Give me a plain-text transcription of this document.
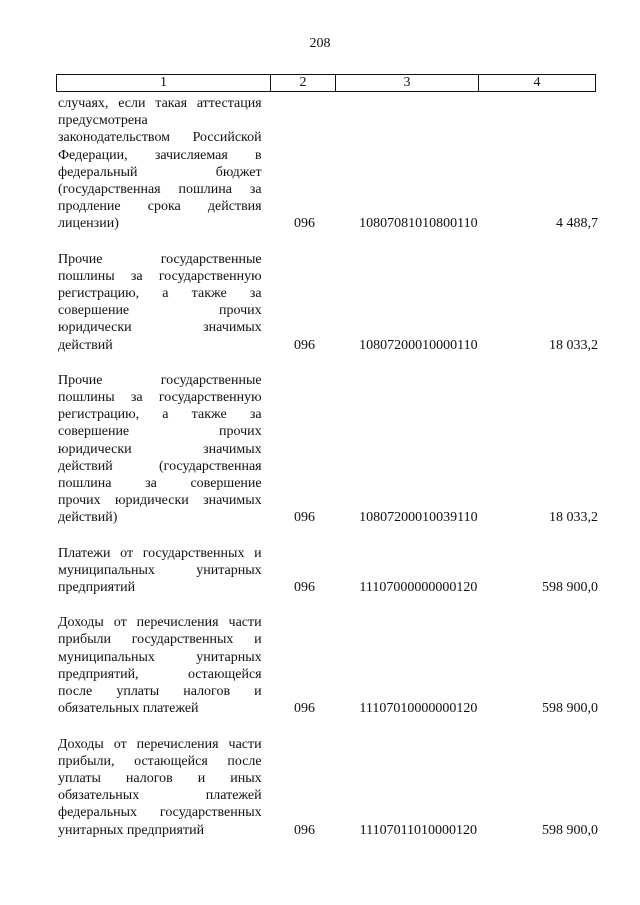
208
1	2	3	4
случаях, если такая аттестация
предусмотрена
законодательством Российской
Федерации, зачисляемая в
федеральный бюджет
(государственная пошлина за
продление срока действия
лицензии)	096	10807081010800110	4 488,7
Прочие государственные
пошлины за государственную
регистрацию, а также за
совершение прочих
юридически значимых
действий	096	10807200010000110	18 033,2
Прочие государственные
пошлины за государственную
регистрацию, а также за
совершение прочих
юридически значимых
действий (государственная
пошлина за совершение
прочих юридически значимых
действий)	096	10807200010039110	18 033,2
Платежи от государственных и
муниципальных унитарных
предприятий	096	11107000000000120	598 900,0
Доходы от перечисления части
прибыли государственных и
муниципальных унитарных
предприятий, остающейся
после уплаты налогов и
обязательных платежей	096	11107010000000120	598 900,0
Доходы от перечисления части
прибыли, остающейся после
уплаты налогов и иных
обязательных платежей
федеральных государственных
унитарных предприятий	096	11107011010000120	598 900,0
